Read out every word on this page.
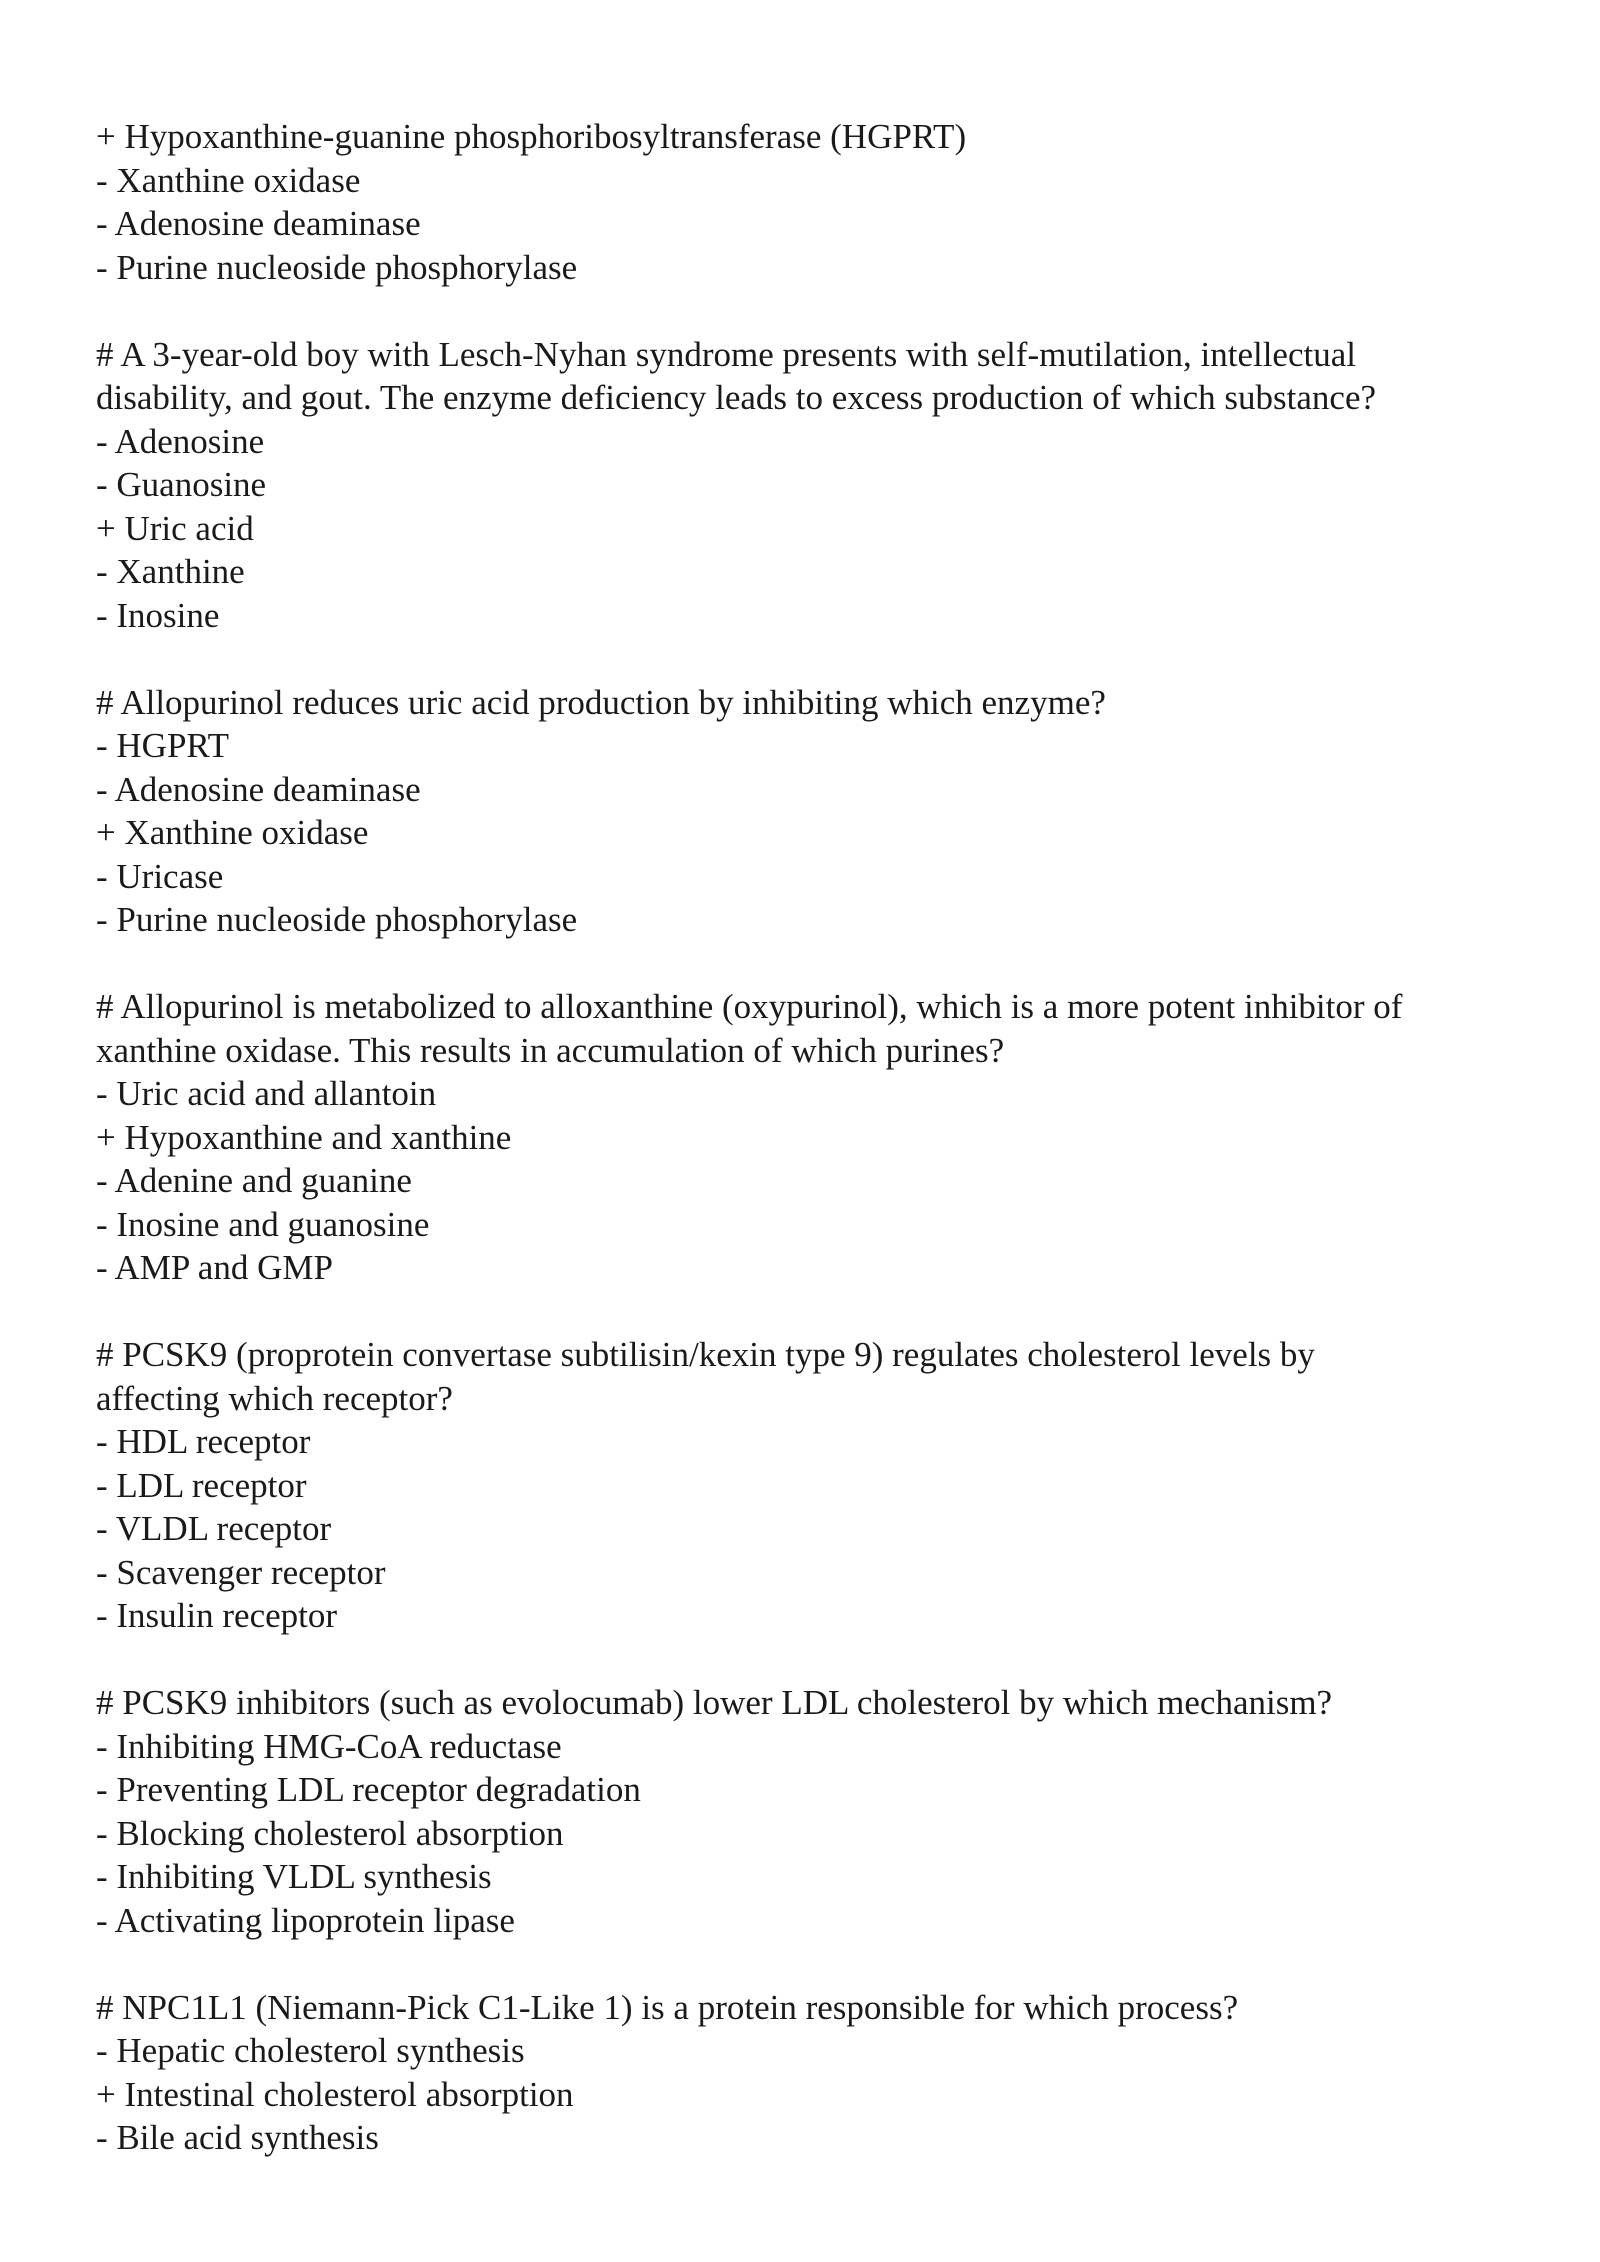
+ Hypoxanthine-guanine phosphoribosyltransferase (HGPRT)
- Xanthine oxidase
- Adenosine deaminase
- Purine nucleoside phosphorylase
# A 3-year-old boy with Lesch-Nyhan syndrome presents with self-mutilation, intellectual
disability, and gout. The enzyme deficiency leads to excess production of which substance?
- Adenosine
- Guanosine
+ Uric acid
- Xanthine
- Inosine
# Allopurinol reduces uric acid production by inhibiting which enzyme?
- HGPRT
- Adenosine deaminase
+ Xanthine oxidase
- Uricase
- Purine nucleoside phosphorylase
# Allopurinol is metabolized to alloxanthine (oxypurinol), which is a more potent inhibitor of
xanthine oxidase. This results in accumulation of which purines?
- Uric acid and allantoin
+ Hypoxanthine and xanthine
- Adenine and guanine
- Inosine and guanosine
- AMP and GMP
# PCSK9 (proprotein convertase subtilisin/kexin type 9) regulates cholesterol levels by
affecting which receptor?
- HDL receptor
- LDL receptor
- VLDL receptor
- Scavenger receptor
- Insulin receptor
# PCSK9 inhibitors (such as evolocumab) lower LDL cholesterol by which mechanism?
- Inhibiting HMG-CoA reductase
- Preventing LDL receptor degradation
- Blocking cholesterol absorption
- Inhibiting VLDL synthesis
- Activating lipoprotein lipase
# NPC1L1 (Niemann-Pick C1-Like 1) is a protein responsible for which process?
- Hepatic cholesterol synthesis
+ Intestinal cholesterol absorption
- Bile acid synthesis
